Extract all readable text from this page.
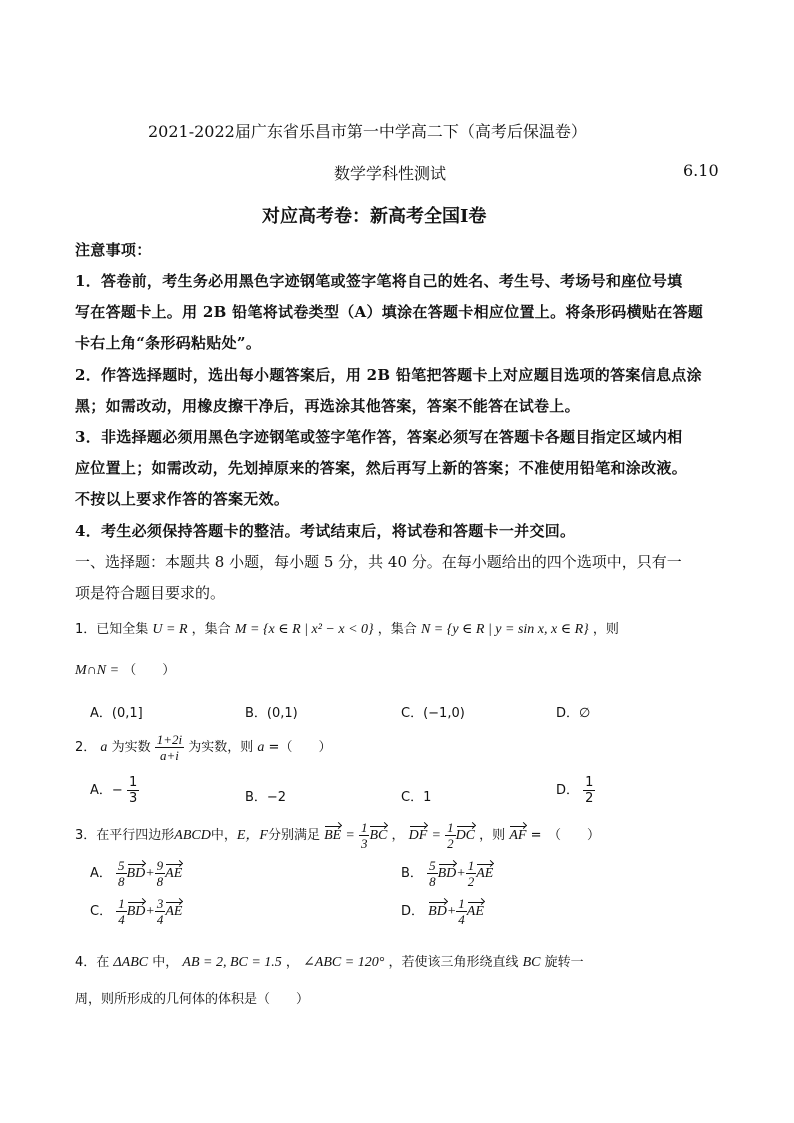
2021-2022届广东省乐昌市第一中学高二下（高考后保温卷）
数学学科性测试	6.10
对应高考卷：新高考全国Ⅰ卷
注意事项：
1．答卷前，考生务必用黑色字迹钢笔或签字笔将自己的姓名、考生号、考场号和座位号填
写在答题卡上。用 2B 铅笔将试卷类型（A）填涂在答题卡相应位置上。将条形码横贴在答题
卡右上角“条形码粘贴处”。
2．作答选择题时，选出每小题答案后，用 2B 铅笔把答题卡上对应题目选项的答案信息点涂
黑；如需改动，用橡皮擦干净后，再选涂其他答案，答案不能答在试卷上。
3．非选择题必须用黑色字迹钢笔或签字笔作答，答案必须写在答题卡各题目指定区域内相
应位置上；如需改动，先划掉原来的答案，然后再写上新的答案；不准使用铅笔和涂改液。
不按以上要求作答的答案无效。
4．考生必须保持答题卡的整洁。考试结束后，将试卷和答题卡一并交回。
一、选择题：本题共 8 小题，每小题 5 分，共 40 分。在每小题给出的四个选项中，只有一
项是符合题目要求的。
1．已知全集 U = R ，集合 M = {x ∈ R | x² − x < 0} ，集合 N = {y ∈ R | y = sin x, x ∈ R} ，则
M∩N = （　　）
A．(0,1]	B．(0,1)	C．(−1,0)	D．∅
2． a 为实数 $\frac{1+2i}{a+i}$ 为实数，则 a =（　　）
A．− $\frac{1}{3}$	B．−2	C．1	D． $\frac{1}{2}$
3．在平行四边形ABCD中，E，F分别满足 BE = $\frac{1}{3}$ BC ， DF = $\frac{1}{2}$ DC ，则 AF =　（　　）
A． $\frac{5}{8} BD+ \frac{9}{8}$ AE	B． $\frac{5}{8} BD+ \frac{1}{2}$ AE
C． $\frac{1}{4} BD+ \frac{3}{4}$ AE	D． $BD+ \frac{1}{4}$ AE
4．在 ΔABC 中， AB = 2, BC = 1.5 ， ∠ABC = 120° ，若使该三角形绕直线 BC 旋转一
周，则所形成的几何体的体积是（　　）
